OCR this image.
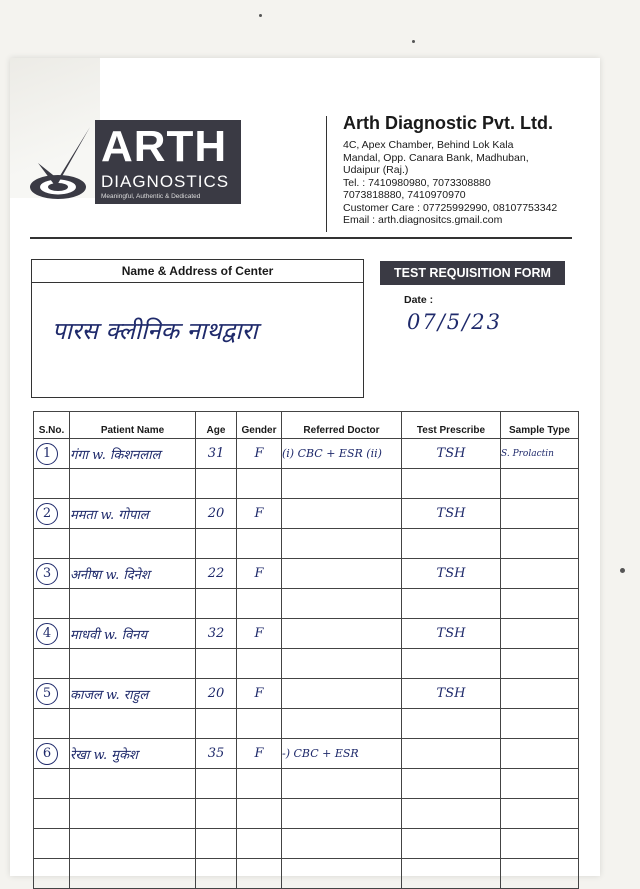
ARTH
DIAGNOSTICS
Meaningful, Authentic & Dedicated
Arth Diagnostic Pvt. Ltd.
4C, Apex Chamber, Behind Lok Kala
Mandal, Opp. Canara Bank, Madhuban,
Udaipur (Raj.)
Tel. : 7410980980, 7073308880
7073818880, 7410970970
Customer Care : 07725992990, 08107753342
Email : arth.diagnositcs.gmail.com
Name & Address of Center
पारस क्लीनिक नाथद्वारा
TEST REQUISITION FORM
Date :
07/5/23
S.No.	Patient Name	Age	Gender	Referred Doctor	Test Prescribe	Sample Type
1	गंगा w. किशनलाल	31	F	(i) CBC + ESR (ii)	TSH	S. Prolactin

2	ममता w. गोपाल	20	F		TSH	

3	अनीषा w. दिनेश	22	F		TSH	

4	माधवी w. विनय	32	F		TSH	

5	काजल w. राहुल	20	F		TSH	

6	रेखा w. मुकेश	35	F	-) CBC + ESR		
